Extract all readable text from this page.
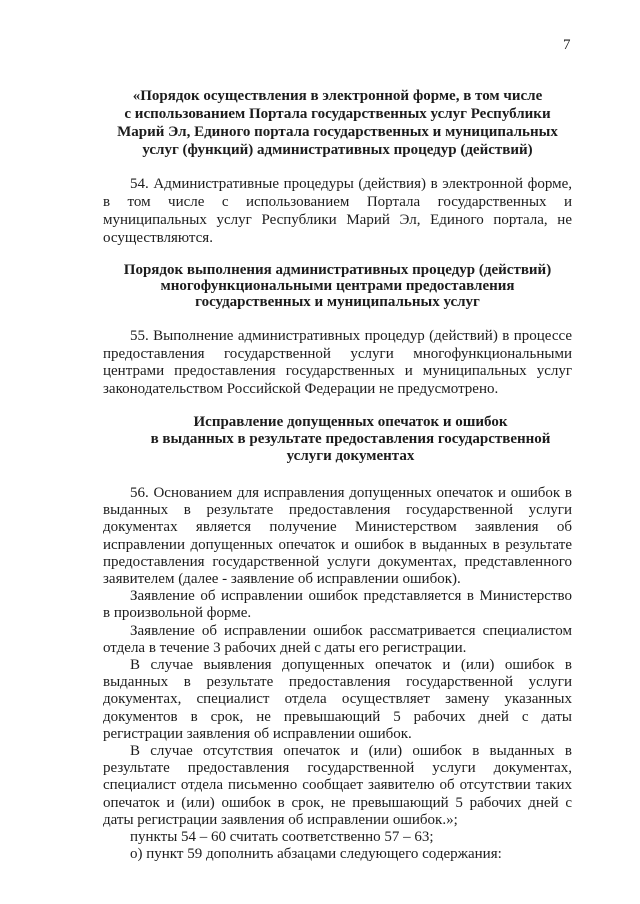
7
«Порядок осуществления в электронной форме, в том числе
с использованием Портала государственных услуг Республики
Марий Эл, Единого портала государственных и муниципальных
услуг (функций) административных процедур (действий)
54. Административные процедуры (действия) в электронной форме,
в том числе с использованием Портала государственных и
муниципальных услуг Республики Марий Эл, Единого портала, не
осуществляются.
Порядок выполнения административных процедур (действий)
многофункциональными центрами предоставления
государственных и муниципальных услуг
55. Выполнение административных процедур (действий) в процессе
предоставления государственной услуги многофункциональными
центрами предоставления государственных и муниципальных услуг
законодательством Российской Федерации не предусмотрено.
Исправление допущенных опечаток и ошибок
в выданных в результате предоставления государственной
услуги документах
56. Основанием для исправления допущенных опечаток и ошибок в
выданных в результате предоставления государственной услуги
документах является получение Министерством заявления об
исправлении допущенных опечаток и ошибок в выданных в результате
предоставления государственной услуги документах, представленного
заявителем (далее - заявление об исправлении ошибок).
Заявление об исправлении ошибок представляется в Министерство
в произвольной форме.
Заявление об исправлении ошибок рассматривается специалистом
отдела в течение 3 рабочих дней с даты его регистрации.
В случае выявления допущенных опечаток и (или) ошибок в
выданных в результате предоставления государственной услуги
документах, специалист отдела осуществляет замену указанных
документов в срок, не превышающий 5 рабочих дней с даты
регистрации заявления об исправлении ошибок.
В случае отсутствия опечаток и (или) ошибок в выданных в
результате предоставления государственной услуги документах,
специалист отдела письменно сообщает заявителю об отсутствии таких
опечаток и (или) ошибок в срок, не превышающий 5 рабочих дней с
даты регистрации заявления об исправлении ошибок.»;
пункты 54 – 60 считать соответственно 57 – 63;
о) пункт 59 дополнить абзацами следующего содержания:
